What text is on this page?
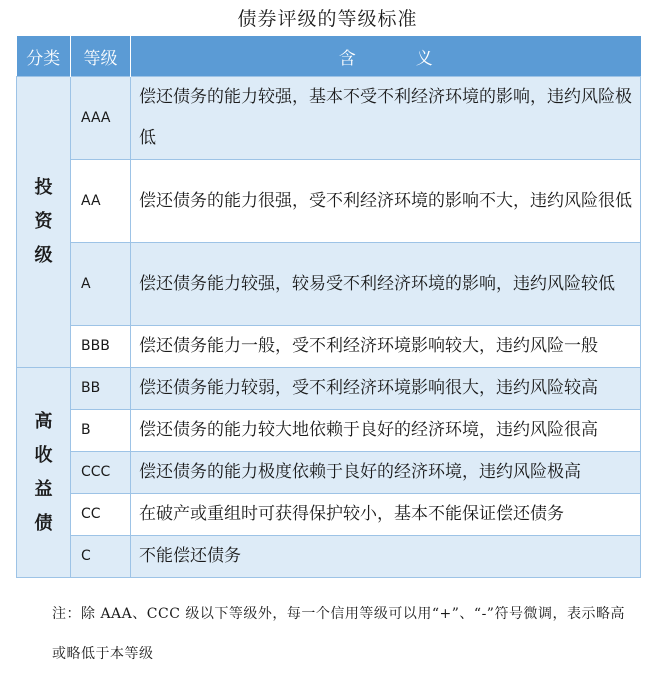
债券评级的等级标准
分类	等级	含义
投资级	AAA	偿还债务的能力较强，基本不受不利经济环境的影响，违约风险极低
	AA	偿还债务的能力很强，受不利经济环境的影响不大，违约风险很低
	A	偿还债务能力较强，较易受不利经济环境的影响，违约风险较低
	BBB	偿还债务能力一般，受不利经济环境影响较大，违约风险一般
高收益债	BB	偿还债务能力较弱，受不利经济环境影响很大，违约风险较高
	B	偿还债务的能力较大地依赖于良好的经济环境，违约风险很高
	CCC	偿还债务的能力极度依赖于良好的经济环境，违约风险极高
	CC	在破产或重组时可获得保护较小，基本不能保证偿还债务
	C	不能偿还债务
注：除 AAA、CCC 级以下等级外，每一个信用等级可以用“+”、“-”符号微调，表示略高或略低于本等级
